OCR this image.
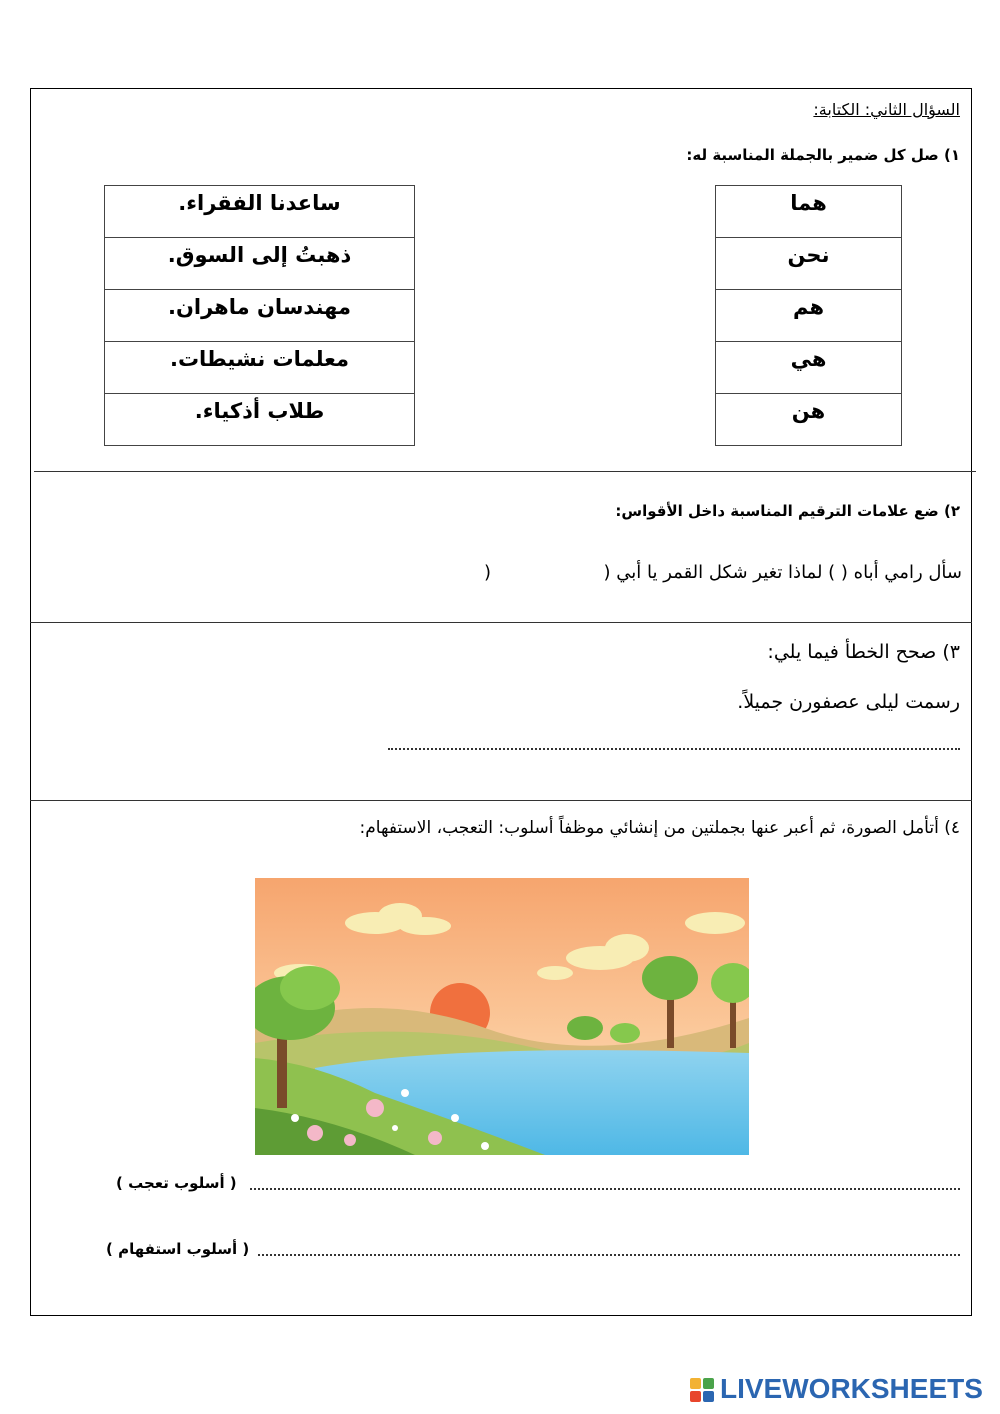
السؤال الثاني: الكتابة:
١) صل كل ضمير بالجملة المناسبة له:
هما
نحن
هم
هي
هن
ساعدنا الفقراء.
ذهبتُ إلى السوق.
مهندسان ماهران.
معلمات نشيطات.
طلاب أذكياء.
٢) ضع علامات الترقيم المناسبة داخل الأقواس:
سأل رامي أباه ( ) لماذا تغير شكل القمر يا أبي (
)
٣) صحح الخطأ فيما يلي:
رسمت ليلى عصفورن جميلاً.
٤) أتأمل الصورة، ثم أعبر عنها بجملتين من إنشائي موظفاً أسلوب: التعجب، الاستفهام:
( أسلوب تعجب )
( أسلوب استفهام )
LIVEWORKSHEETS
